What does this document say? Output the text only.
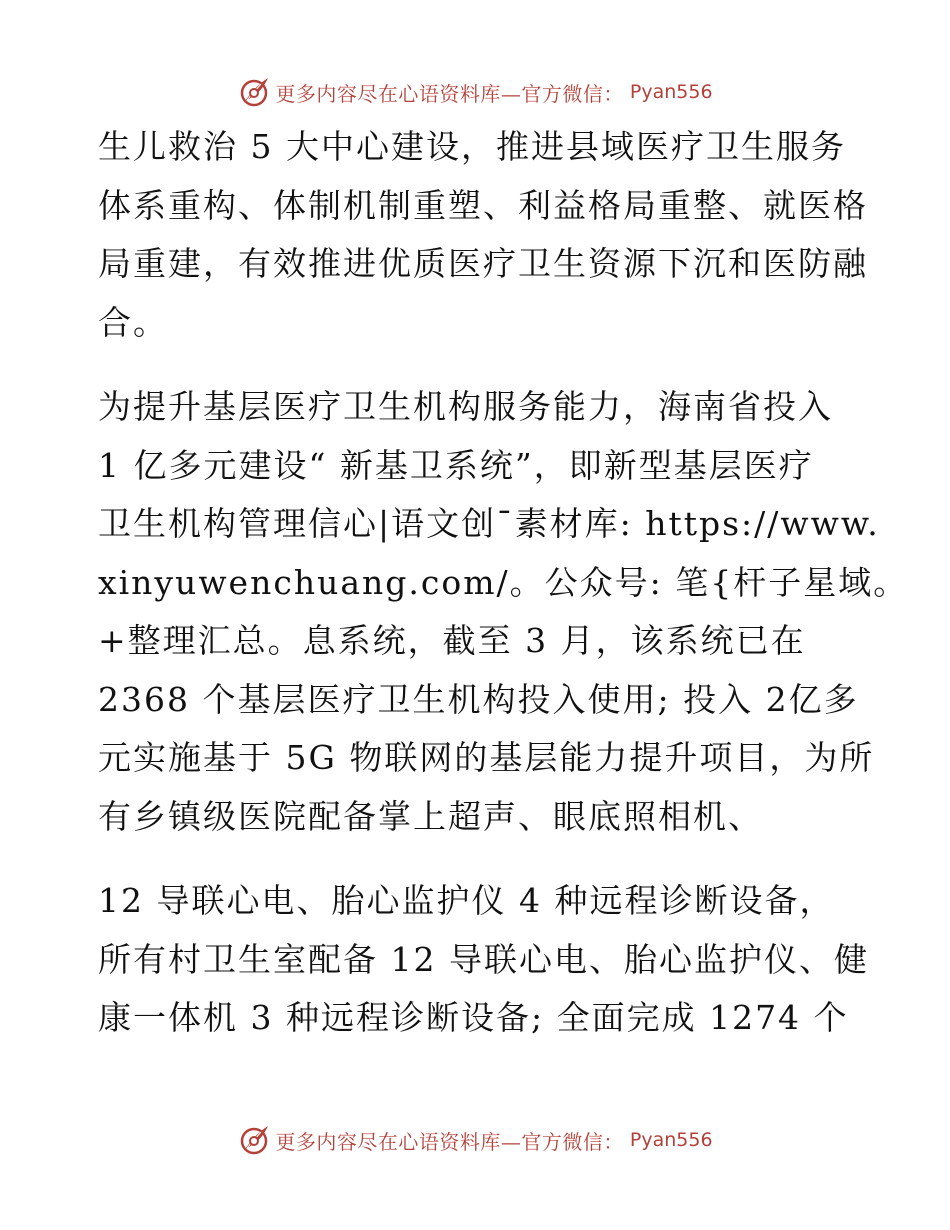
更多内容尽在心语资料库—官方微信： Pyan556
生儿救治 5 大中心建设，推进县域医疗卫生服务
体系重构、体制机制重塑、利益格局重整、就医格
局重建，有效推进优质医疗卫生资源下沉和医防融
合。
为提升基层医疗卫生机构服务能力，海南省投入
1 亿多元建设“ 新基卫系统”，即新型基层医疗
卫生机构管理信心|语文创¯素材库: https://www.
xinyuwenchuang.com/。公众号: 笔{杆子星域。
+整理汇总。息系统，截至 3 月，该系统已在
2368 个基层医疗卫生机构投入使用; 投入 2亿多
元实施基于 5G 物联网的基层能力提升项目，为所
有乡镇级医院配备掌上超声、眼底照相机、
12 导联心电、胎心监护仪 4 种远程诊断设备，
所有村卫生室配备 12 导联心电、胎心监护仪、健
康一体机 3 种远程诊断设备; 全面完成 1274 个
更多内容尽在心语资料库—官方微信： Pyan556
